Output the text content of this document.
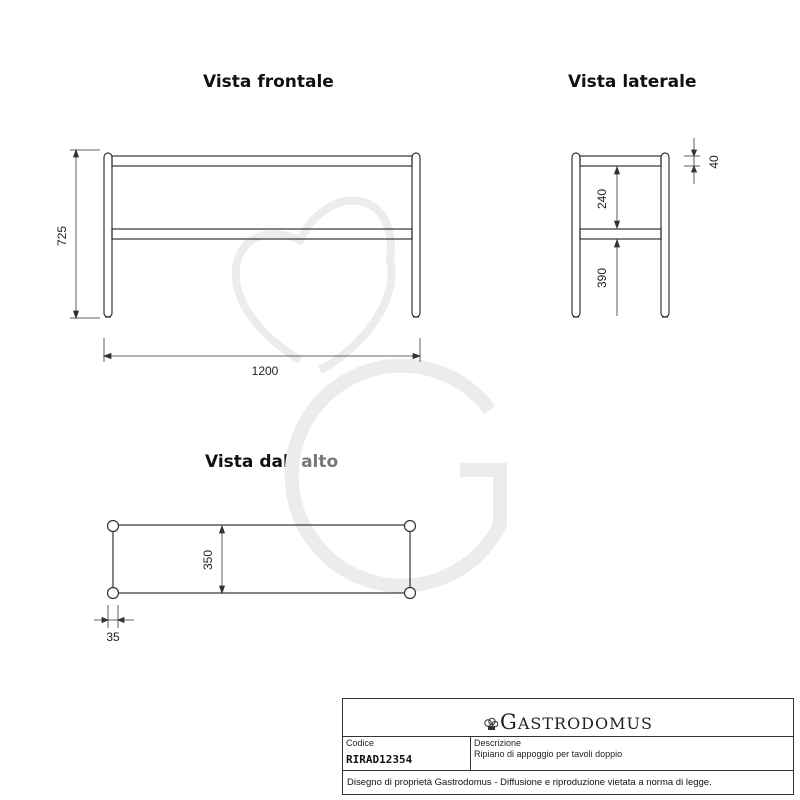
Vista frontale	Vista laterale
Vista dall’alto
725
1200
40
240
390
350
35
GASTRODOMUS
Codice
RIRAD12354
Descrizione
Ripiano di appoggio per tavoli doppio
Disegno di proprietà Gastrodomus - Diffusione e riproduzione vietata a norma di legge.
